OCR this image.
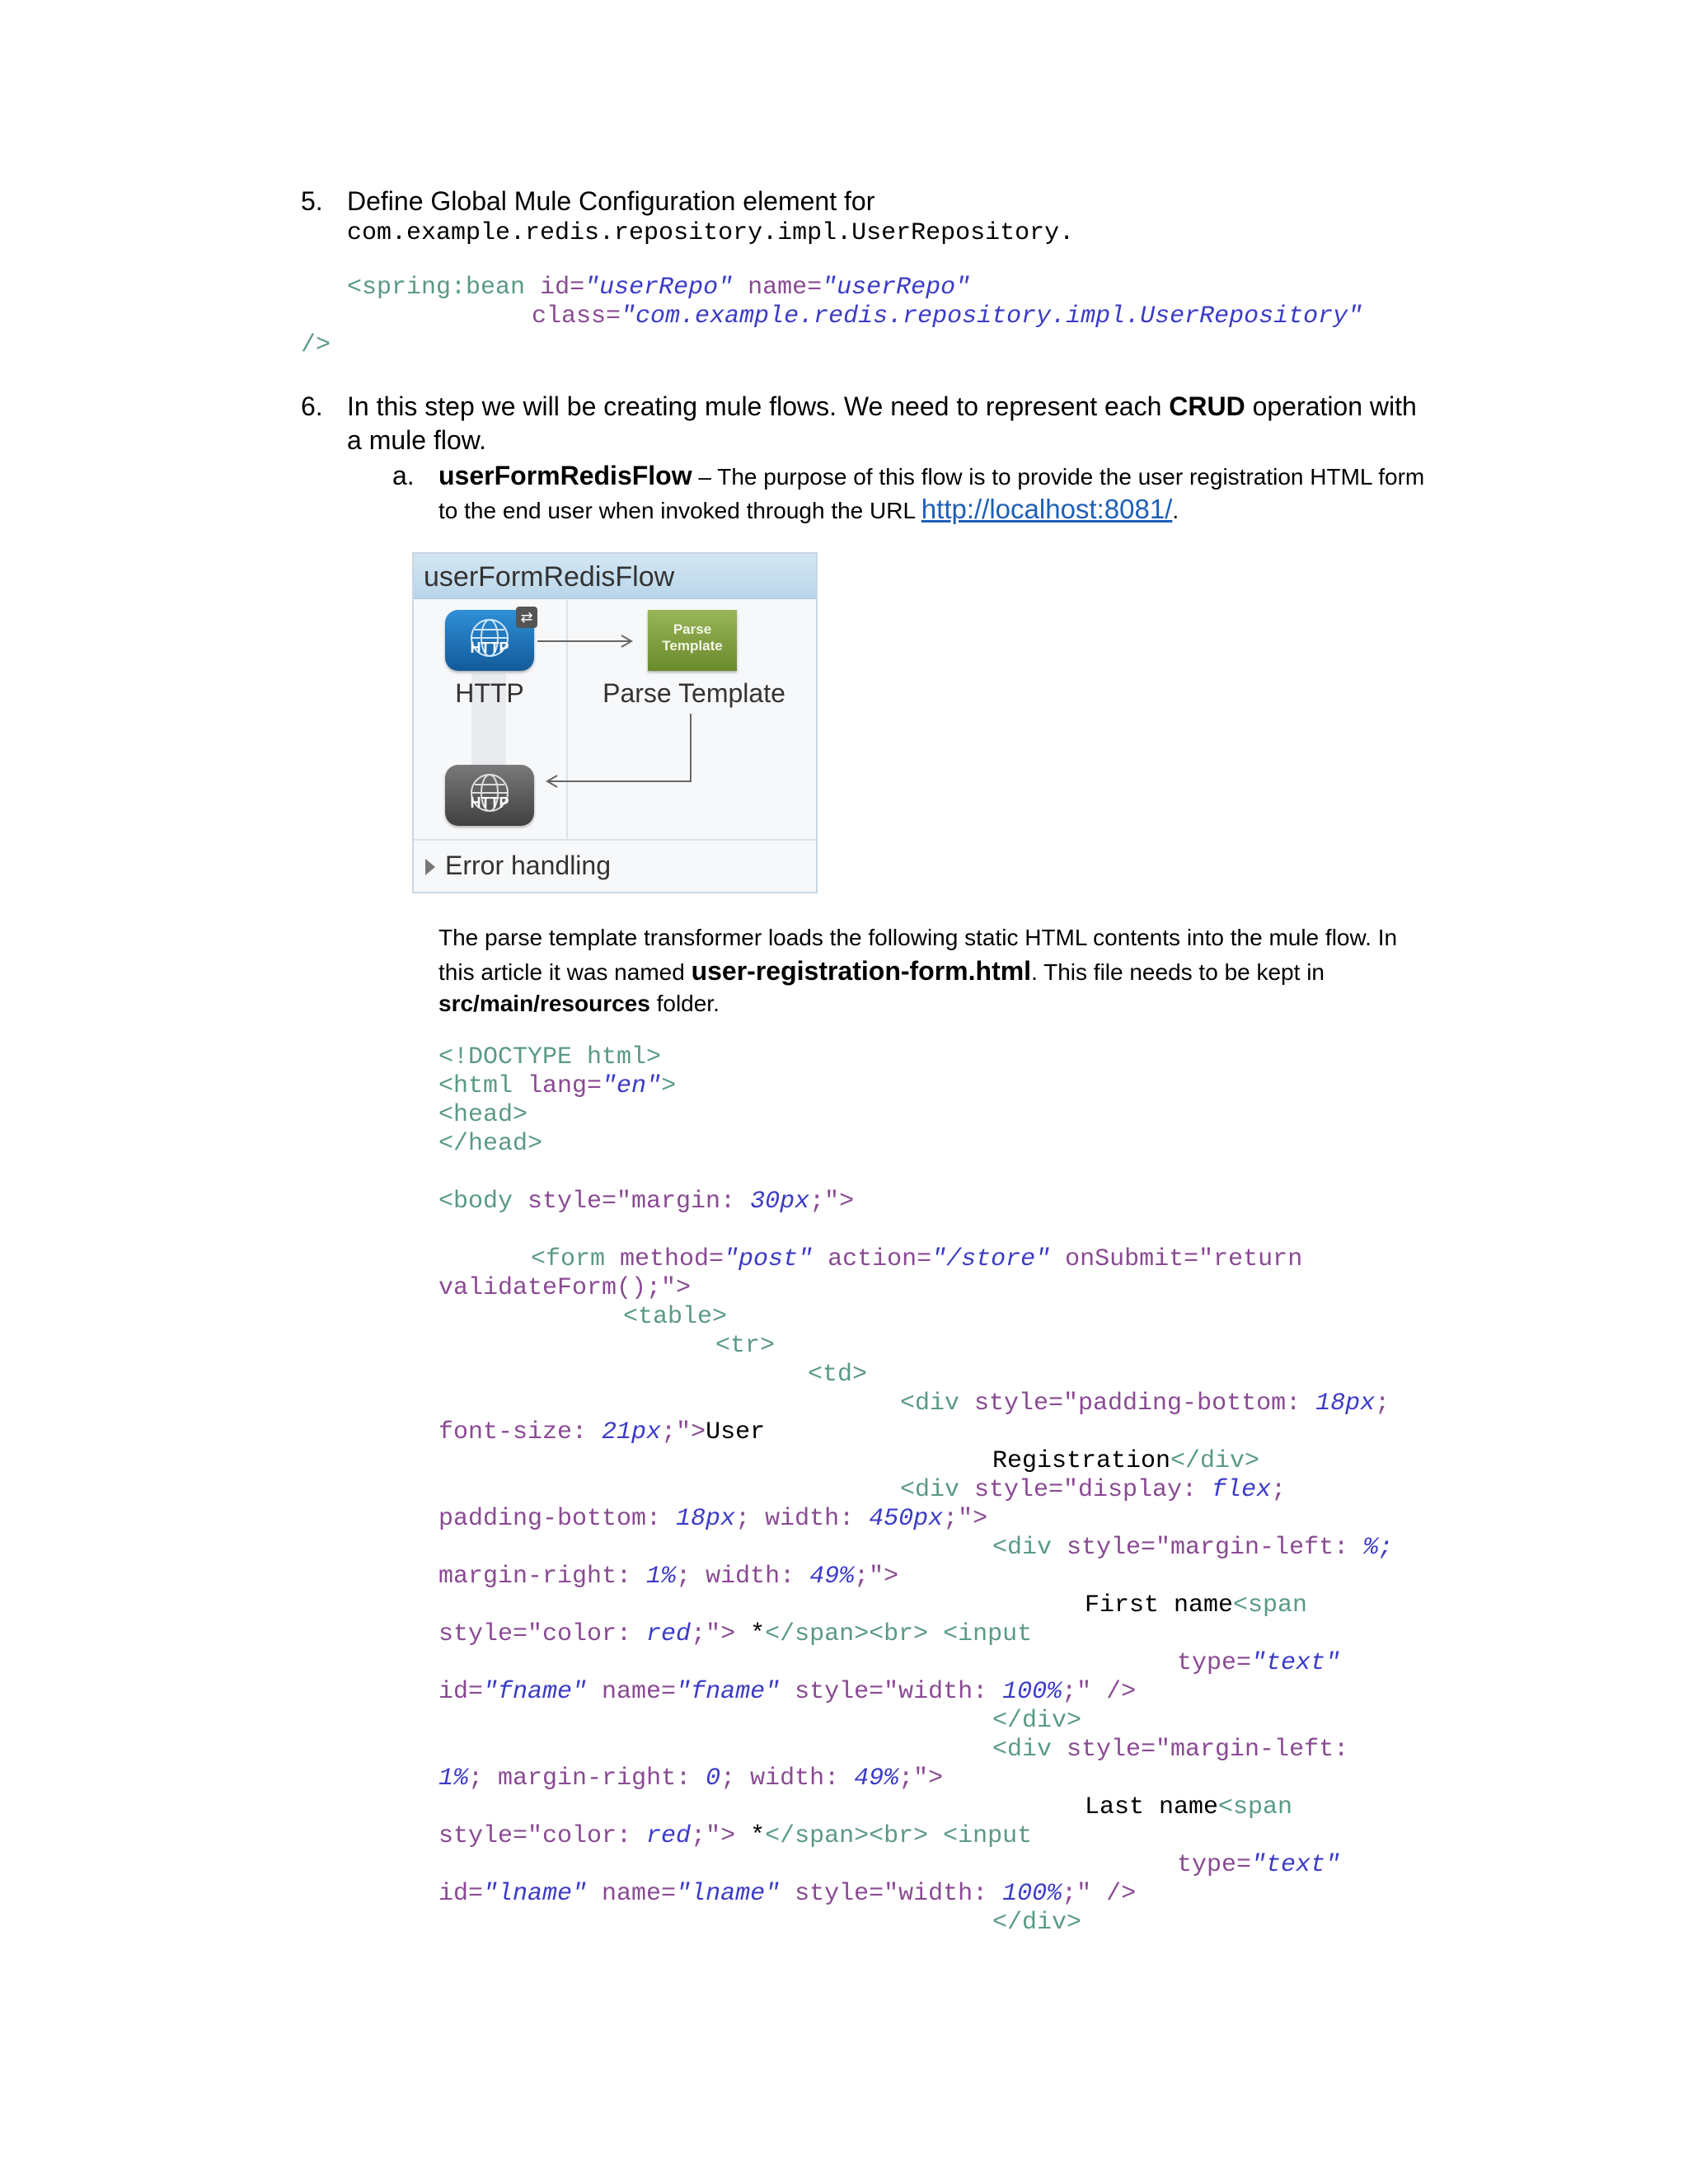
5. Define Global Mule Configuration element for
com.example.redis.repository.impl.UserRepository.
<spring:bean id="userRepo" name="userRepo"
class="com.example.redis.repository.impl.UserRepository"
/>
6. In this step we will be creating mule flows. We need to represent each CRUD operation with
a mule flow.
a. userFormRedisFlow – The purpose of this flow is to provide the user registration HTML form
to the end user when invoked through the URL http://localhost:8081/.
userFormRedisFlow
HTTP
⇄
HTTP
Parse
Template
Parse Template
HTTP
Error handling
The parse template transformer loads the following static HTML contents into the mule flow. In
this article it was named user-registration-form.html. This file needs to be kept in
src/main/resources folder.
<!DOCTYPE html>
<html lang="en">
<head>
</head>
<body style="margin: 30px;">
<form method="post" action="/store" onSubmit="return
validateForm();">
<table>
<tr>
<td>
<div style="padding-bottom: 18px;
font-size: 21px;">User
Registration</div>
<div style="display: flex;
padding-bottom: 18px; width: 450px;">
<div style="margin-left: %;
margin-right: 1%; width: 49%;">
First name<span
style="color: red;"> *</span><br> <input
type="text"
id="fname" name="fname" style="width: 100%;" />
</div>
<div style="margin-left:
1%; margin-right: 0; width: 49%;">
Last name<span
style="color: red;"> *</span><br> <input
type="text"
id="lname" name="lname" style="width: 100%;" />
</div>
